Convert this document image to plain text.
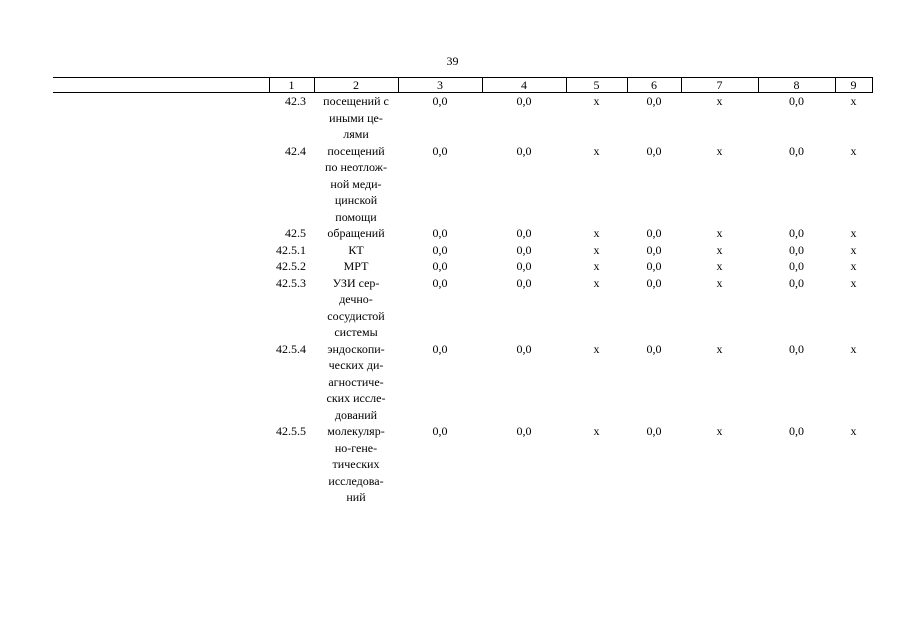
39
	1	2	3	4	5	6	7	8	9
	42.3	посещений с
иными це-
лями	0,0	0,0	x	0,0	x	0,0	x
	42.4	посещений
по неотлож-
ной меди-
цинской
помощи	0,0	0,0	x	0,0	x	0,0	x
	42.5	обращений	0,0	0,0	x	0,0	x	0,0	x
	42.5.1	КТ	0,0	0,0	x	0,0	x	0,0	x
	42.5.2	МРТ	0,0	0,0	x	0,0	x	0,0	x
	42.5.3	УЗИ сер-
дечно-
сосудистой
системы	0,0	0,0	x	0,0	x	0,0	x
	42.5.4	эндоскопи-
ческих ди-
агностиче-
ских иссле-
дований	0,0	0,0	x	0,0	x	0,0	x
	42.5.5	молекуляр-
но-гене-
тических
исследова-
ний	0,0	0,0	x	0,0	x	0,0	x
